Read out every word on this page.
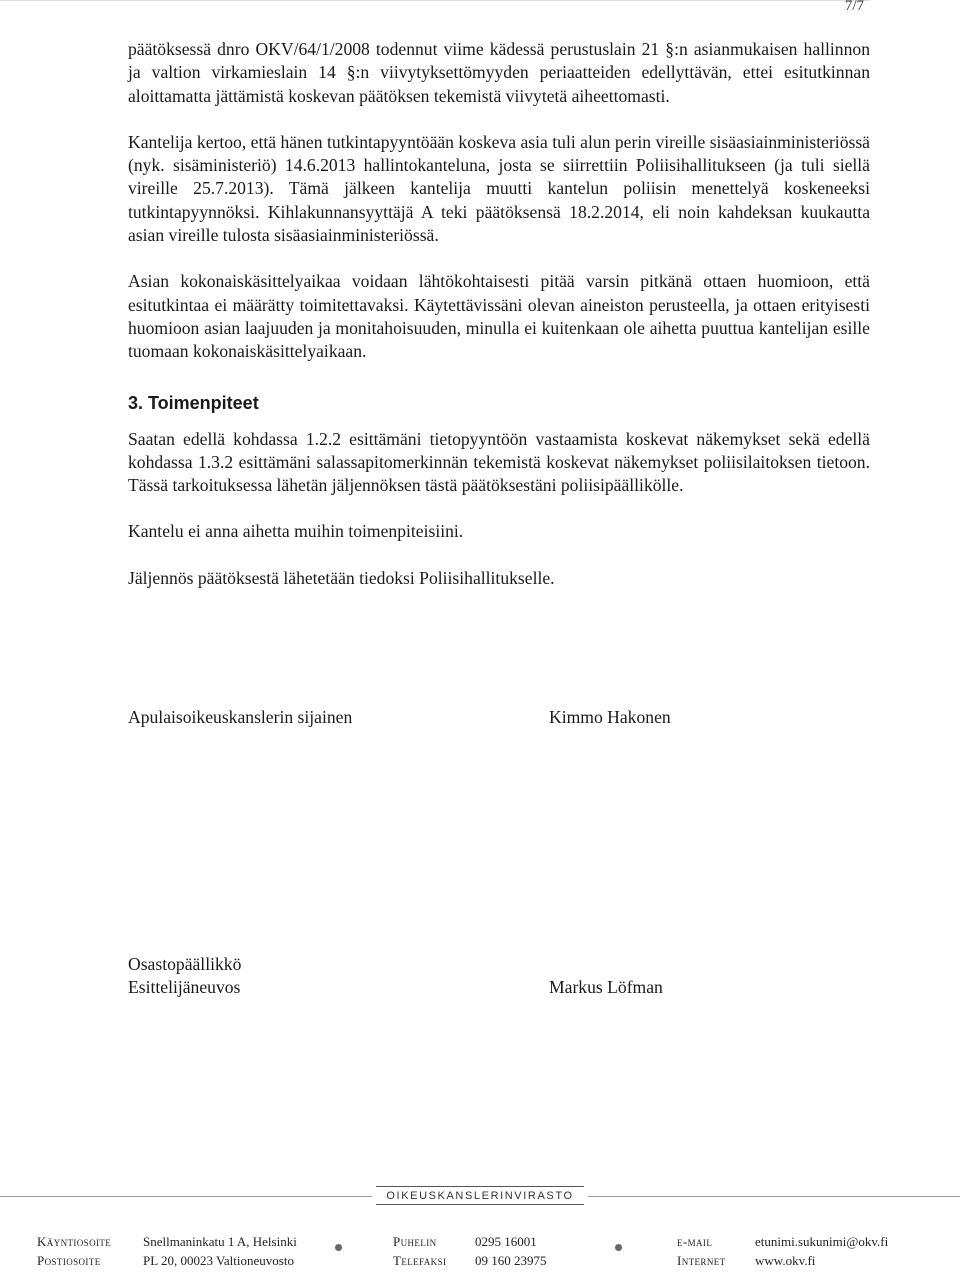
7/7

päätöksessä dnro OKV/64/1/2008 todennut viime kädessä perustuslain 21 §:n asianmukaisen hallinnon ja valtion virkamieslain 14 §:n viivytyksettömyyden periaatteiden edellyttävän, ettei esitutkinnan aloittamatta jättämistä koskevan päätöksen tekemistä viivytetä aiheettomasti.

Kantelija kertoo, että hänen tutkintapyyntöään koskeva asia tuli alun perin vireille sisäasiainministeriössä (nyk. sisäministeriö) 14.6.2013 hallintokanteluna, josta se siirrettiin Poliisihallitukseen (ja tuli siellä vireille 25.7.2013). Tämä jälkeen kantelija muutti kantelun poliisin menettelyä koskeneeksi tutkintapyynnöksi. Kihlakunnansyyttäjä A teki päätöksensä 18.2.2014, eli noin kahdeksan kuukautta asian vireille tulosta sisäasiainministeriössä.

Asian kokonaiskäsittelyaikaa voidaan lähtökohtaisesti pitää varsin pitkänä ottaen huomioon, että esitutkintaa ei määrätty toimitettavaksi. Käytettävissäni olevan aineiston perusteella, ja ottaen erityisesti huomioon asian laajuuden ja monitahoisuuden, minulla ei kuitenkaan ole aihetta puuttua kantelijan esille tuomaan kokonaiskäsittelyaikaan.

3. Toimenpiteet

Saatan edellä kohdassa 1.2.2 esittämäni tietopyyntöön vastaamista koskevat näkemykset sekä edellä kohdassa 1.3.2 esittämäni salassapitomerkinnän tekemistä koskevat näkemykset poliisilaitoksen tietoon. Tässä tarkoituksessa lähetän jäljennöksen tästä päätöksestäni poliisipäällikölle.

Kantelu ei anna aihetta muihin toimenpiteisiini.

Jäljennös päätöksestä lähetetään tiedoksi Poliisihallitukselle.

Apulaisoikeuskanslerin sijainen	Kimmo Hakonen
Osastopäällikkö
Esittelijäneuvos	Markus Löfman
OIKEUSKANSLERINVIRASTO
Käyntiosoite Snellmaninkatu 1 A, Helsinki	Puhelin	0295 16001	e-mail	etunimi.sukunimi@okv.fi
Postiosoite	PL 20, 00023 Valtioneuvosto	Telefaksi 09 160 23975	Internet www.okv.fi
